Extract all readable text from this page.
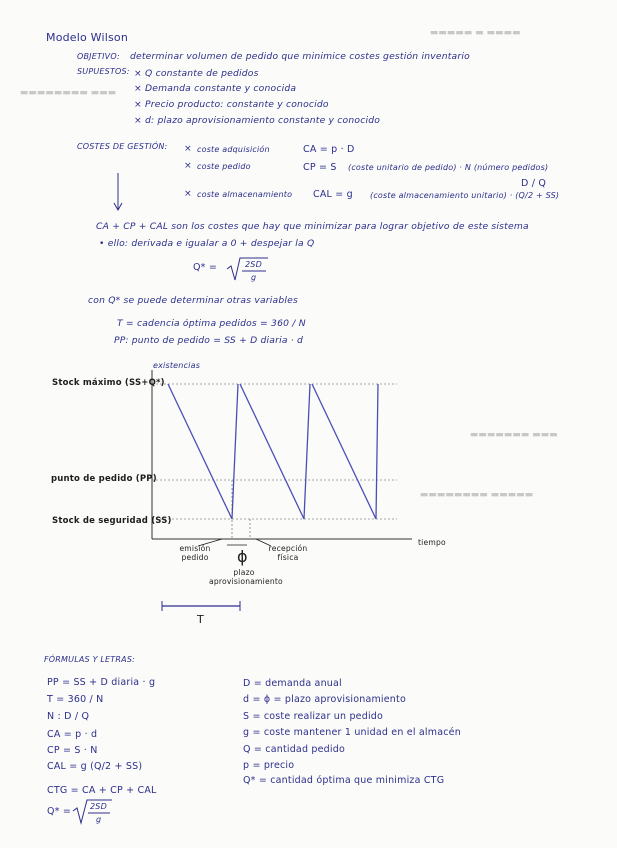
▬▬▬▬ ▬ ▬▬▬▬▬
▬▬▬ ▬▬▬▬▬▬▬▬
▬▬▬ ▬▬▬▬▬▬▬
▬▬▬▬▬ ▬▬▬▬▬▬▬▬
Modelo Wilson
OBJETIVO: determinar volumen de pedido que minimice costes gestión inventario
SUPUESTOS: × Q constante de pedidos
× Demanda constante y conocida
× Precio producto: constante y conocido
× d: plazo aprovisionamiento constante y conocido
COSTES DE GESTIÓN: × coste adquisición	CA = p · D
× coste pedido	CP = S (coste unitario de pedido) · N (número pedidos)
D / Q
× coste almacenamiento CAL = g (coste almacenamiento unitario) · (Q/2 + SS)
CA + CP + CAL son los costes que hay que minimizar para lograr objetivo de este sistema
• ello: derivada e igualar a 0 + despejar la Q
Q* =	2SD
g
con Q* se puede determinar otras variables
T = cadencia óptima pedidos = 360 / N
PP: punto de pedido = SS + D diaria · d
existencias
Stock máximo (SS+Q*)
punto de pedido (PP)
Stock de seguridad (SS)
tiempo
emisión pedido ϕ
plazo aprovisionamiento
recepción física
T
FÓRMULAS Y LETRAS:
PP = SS + D diaria · g
T = 360 / N
N : D / Q
CA = p · d
CP = S · N
CAL = g (Q/2 + SS)
CTG = CA + CP + CAL
Q* = 2SD
g
D = demanda anual
d = ϕ = plazo aprovisionamiento
S = coste realizar un pedido
g = coste mantener 1 unidad en el almacén
Q = cantidad pedido
p = precio
Q* = cantidad óptima que minimiza CTG
